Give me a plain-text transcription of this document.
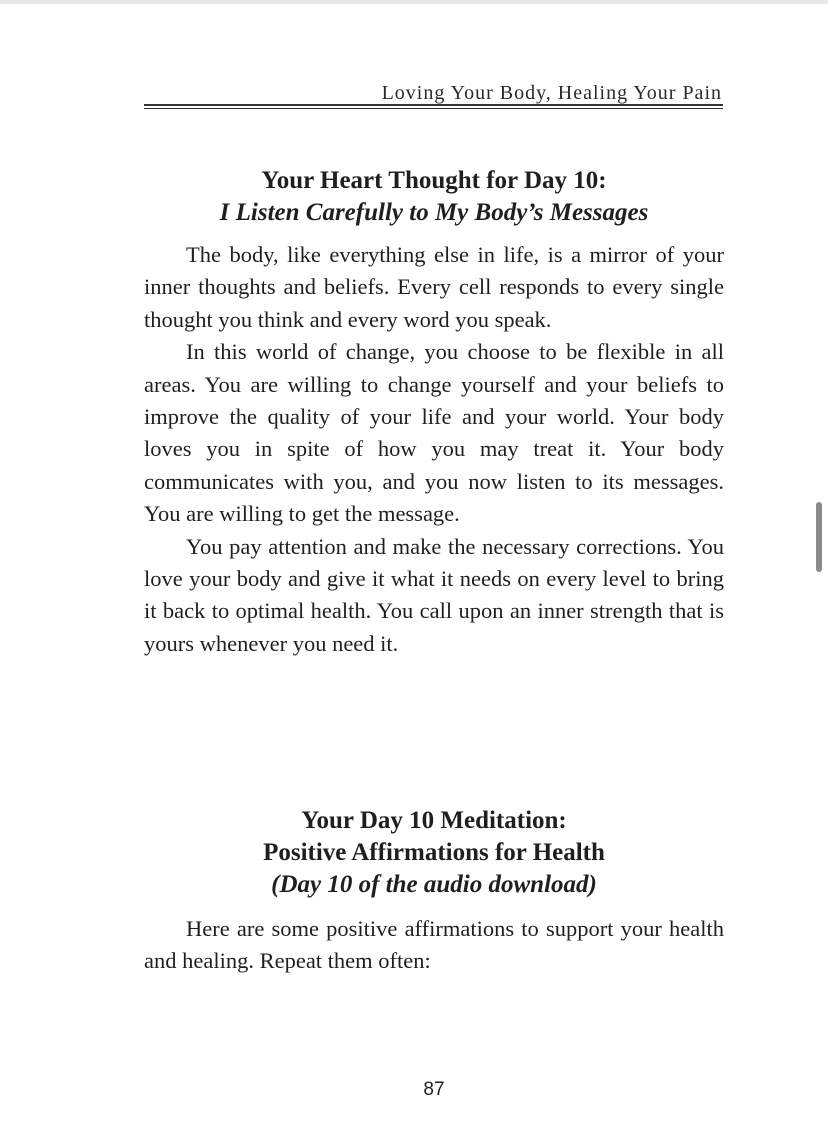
Loving Your Body, Healing Your Pain
Your Heart Thought for Day 10:
I Listen Carefully to My Body’s Messages

The body, like everything else in life, is a mirror of your inner thoughts and beliefs. Every cell responds to every single thought you think and every word you speak.

In this world of change, you choose to be flexible in all areas. You are willing to change yourself and your beliefs to improve the quality of your life and your world. Your body loves you in spite of how you may treat it. Your body communicates with you, and you now listen to its messages. You are willing to get the message.

You pay attention and make the necessary corrections. You love your body and give it what it needs on every level to bring it back to optimal health. You call upon an inner strength that is yours whenever you need it.

Your Day 10 Meditation:
Positive Affirmations for Health
(Day 10 of the audio download)

Here are some positive affirmations to support your health and healing. Repeat them often:

87
